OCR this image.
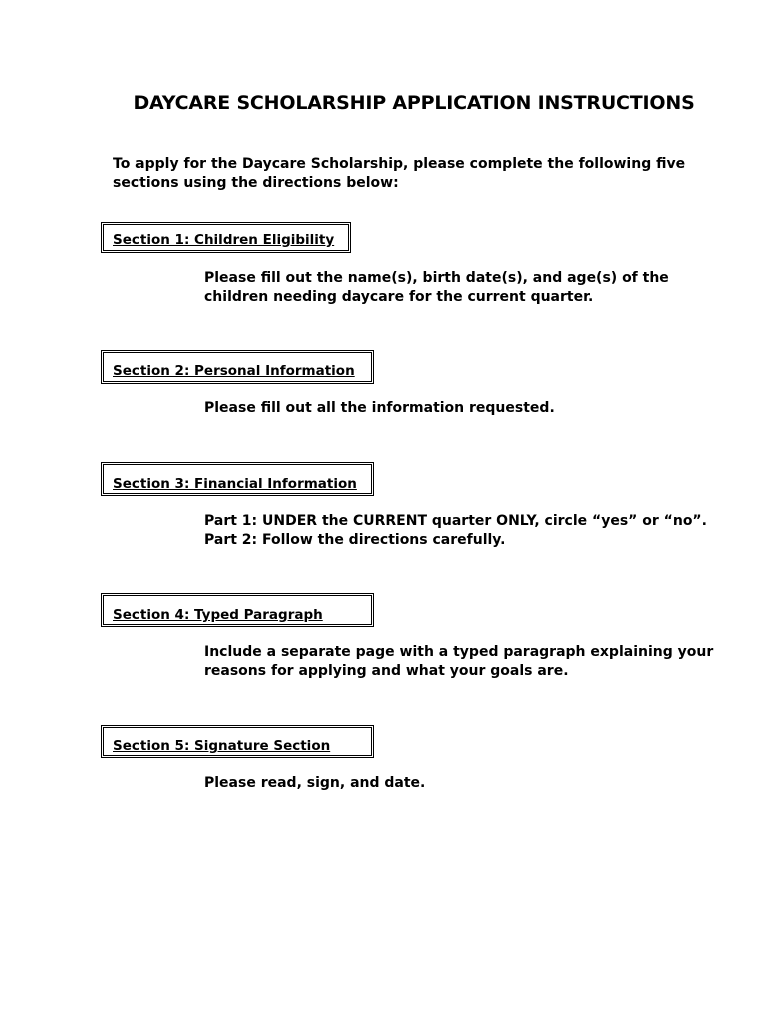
DAYCARE SCHOLARSHIP APPLICATION INSTRUCTIONS
To apply for the Daycare Scholarship, please complete the following five
sections using the directions below:
Section 1: Children Eligibility
Please fill out the name(s), birth date(s), and age(s) of the
children needing daycare for the current quarter.
Section 2: Personal Information
Please fill out all the information requested.
Section 3: Financial Information
Part 1: UNDER the CURRENT quarter ONLY, circle “yes” or “no”.
Part 2: Follow the directions carefully.
Section 4: Typed Paragraph
Include a separate page with a typed paragraph explaining your
reasons for applying and what your goals are.
Section 5: Signature Section
Please read, sign, and date.
